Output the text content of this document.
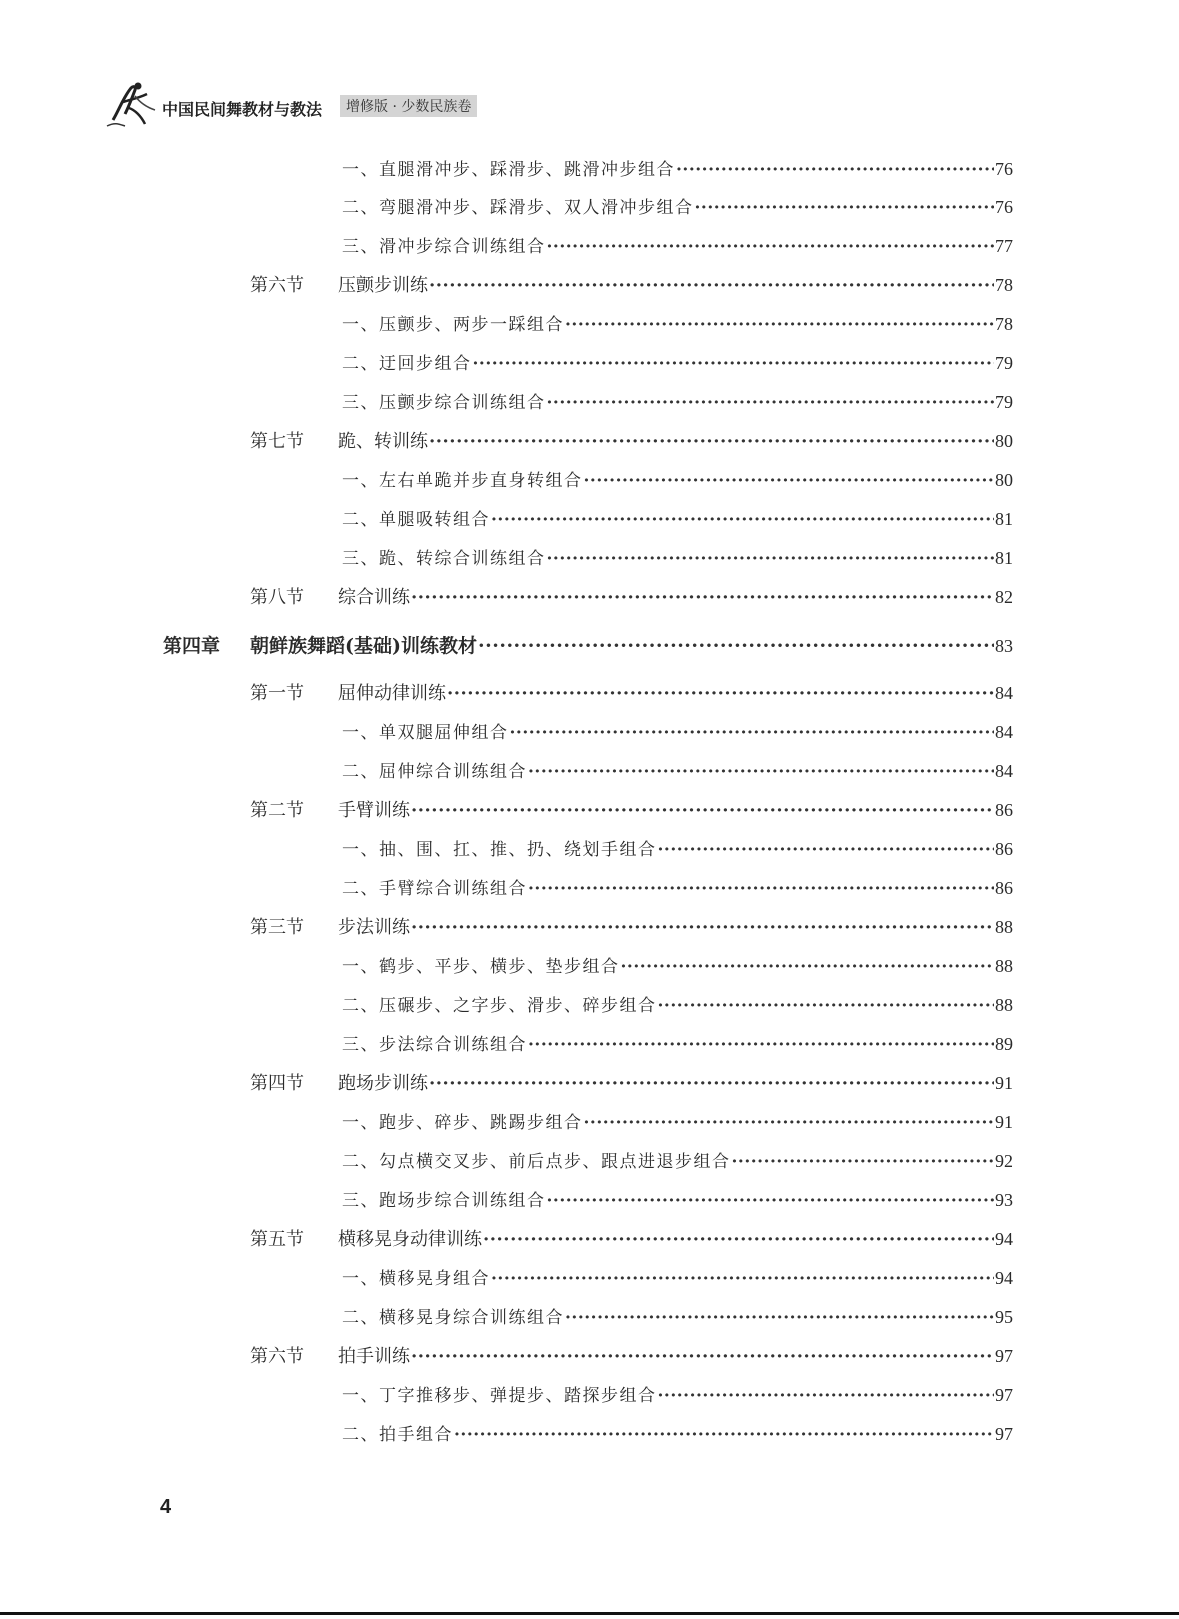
中国民间舞教材与教法	增修版 · 少数民族卷
一、直腿滑冲步、踩滑步、跳滑冲步组合 ·····	76
二、弯腿滑冲步、踩滑步、双人滑冲步组合 ·····	76
三、滑冲步综合训练组合 ·····	77
第六节	压颤步训练 ·····	78
一、压颤步、两步一踩组合 ·····	78
二、迂回步组合 ·····	79
三、压颤步综合训练组合 ·····	79
第七节	跪、转训练 ·····	80
一、左右单跪并步直身转组合 ·····	80
二、单腿吸转组合 ·····	81
三、跪、转综合训练组合 ·····	81
第八节	综合训练 ·····	82
第四章	朝鲜族舞蹈(基础)训练教材 ·····	83
第一节	屈伸动律训练 ·····	84
一、单双腿屈伸组合 ·····	84
二、屈伸综合训练组合 ·····	84
第二节	手臂训练 ·····	86
一、抽、围、扛、推、扔、绕划手组合 ·····	86
二、手臂综合训练组合 ·····	86
第三节	步法训练 ·····	88
一、鹤步、平步、横步、垫步组合 ·····	88
二、压碾步、之字步、滑步、碎步组合 ·····	88
三、步法综合训练组合 ·····	89
第四节	跑场步训练 ·····	91
一、跑步、碎步、跳踢步组合 ·····	91
二、勾点横交叉步、前后点步、跟点进退步组合 ·····	92
三、跑场步综合训练组合 ·····	93
第五节	横移晃身动律训练 ·····	94
一、横移晃身组合 ·····	94
二、横移晃身综合训练组合 ·····	95
第六节	拍手训练 ·····	97
一、丁字推移步、弹提步、踏探步组合 ·····	97
二、拍手组合 ·····	97
4
